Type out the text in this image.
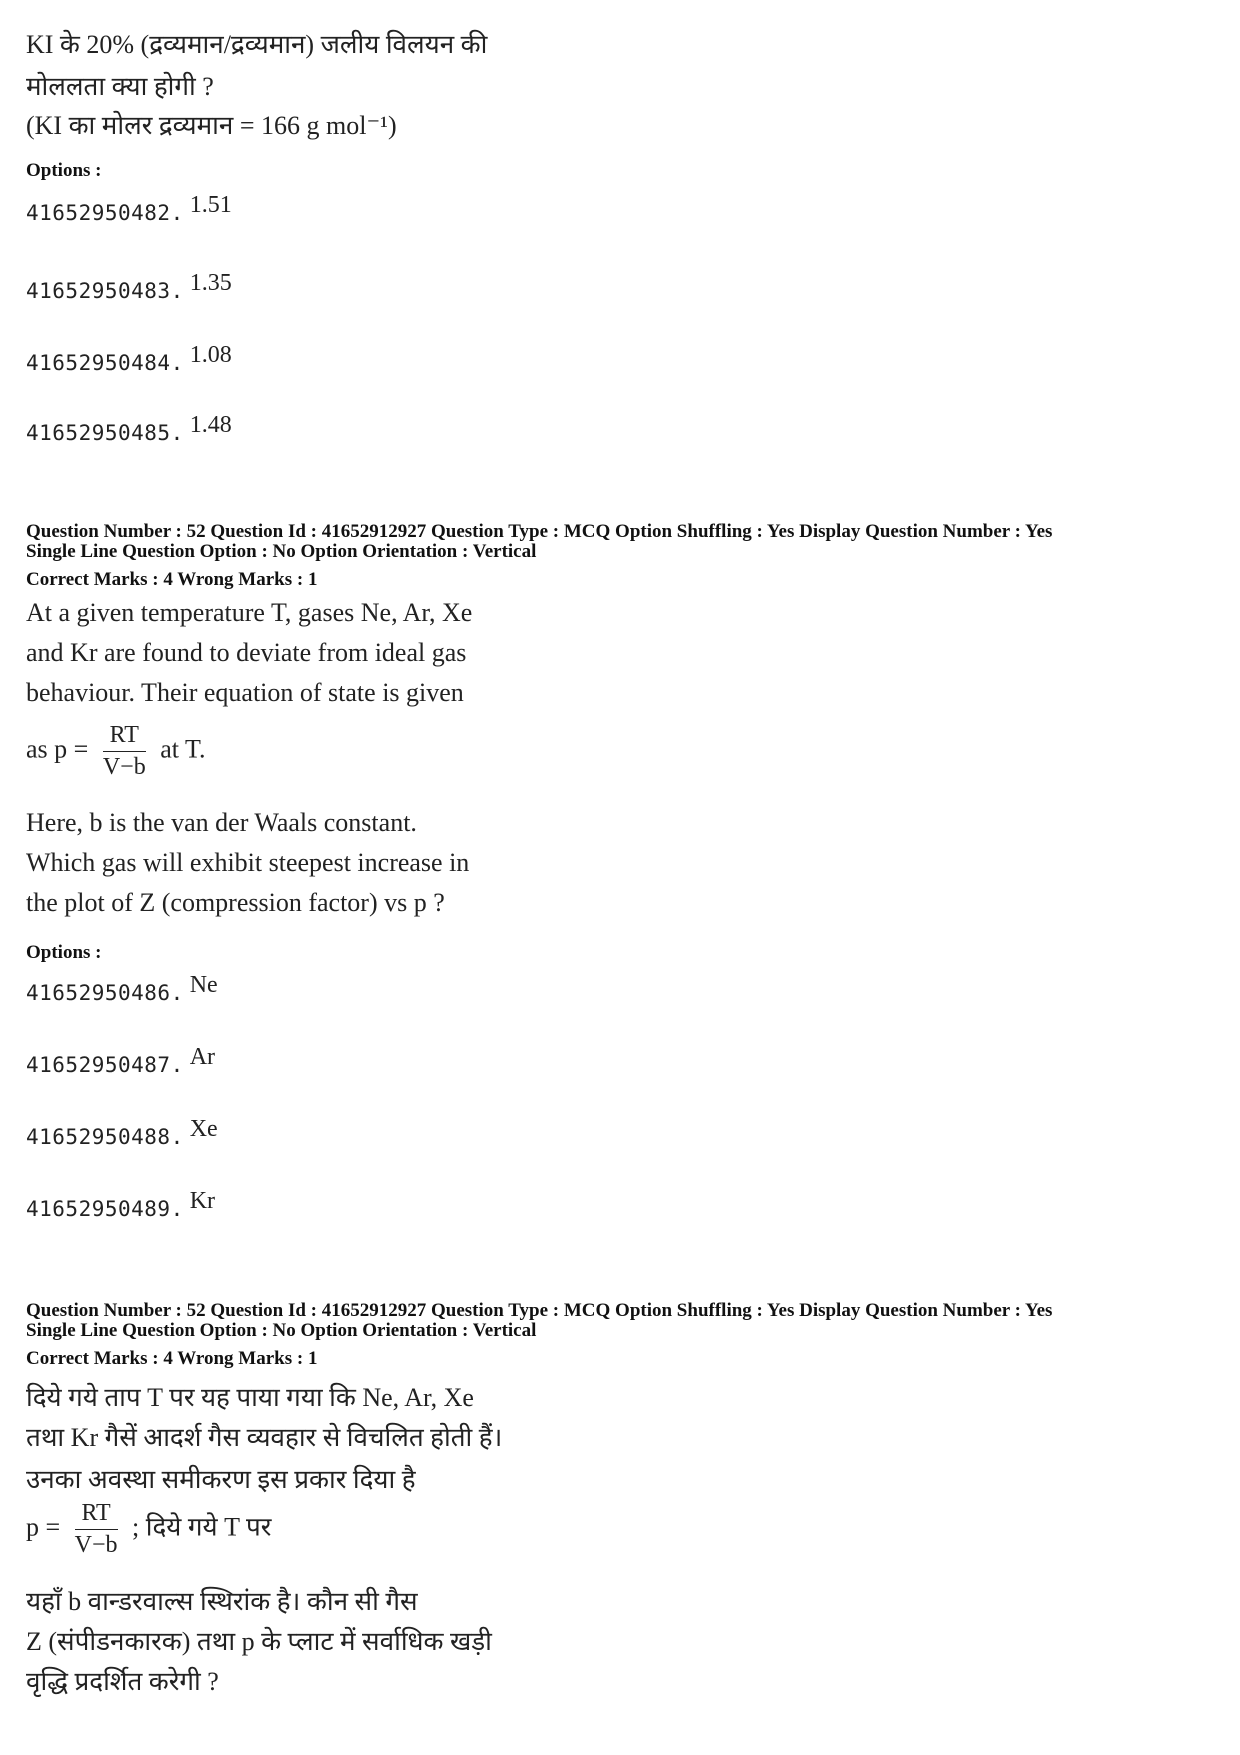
KI के 20% (द्रव्यमान/द्रव्यमान) जलीय विलयन की
मोललता क्या होगी ?
(KI का मोलर द्रव्यमान = 166 g mol⁻¹)
Options :
41652950482. 1.51
41652950483. 1.35
41652950484. 1.08
41652950485. 1.48
Question Number : 52 Question Id : 41652912927 Question Type : MCQ Option Shuffling : Yes Display Question Number : Yes
Single Line Question Option : No Option Orientation : Vertical
Correct Marks : 4 Wrong Marks : 1
At a given temperature T, gases Ne, Ar, Xe
and Kr are found to deviate from ideal gas
behaviour. Their equation of state is given
as $p = \frac{RT}{V-b}$ at T.
Here, b is the van der Waals constant.
Which gas will exhibit steepest increase in
the plot of Z (compression factor) vs p ?
Options :
41652950486. Ne
41652950487. Ar
41652950488. Xe
41652950489. Kr
Question Number : 52 Question Id : 41652912927 Question Type : MCQ Option Shuffling : Yes Display Question Number : Yes
Single Line Question Option : No Option Orientation : Vertical
Correct Marks : 4 Wrong Marks : 1
दिये गये ताप T पर यह पाया गया कि Ne, Ar, Xe
तथा Kr गैसें आदर्श गैस व्यवहार से विचलित होती हैं।
उनका अवस्था समीकरण इस प्रकार दिया है
$p = \frac{RT}{V-b}$ ; दिये गये T पर
यहाँ b वान्डरवाल्स स्थिरांक है। कौन सी गैस
Z (संपीडनकारक) तथा p के प्लाट में सर्वाधिक खड़ी
वृद्धि प्रदर्शित करेगी ?
